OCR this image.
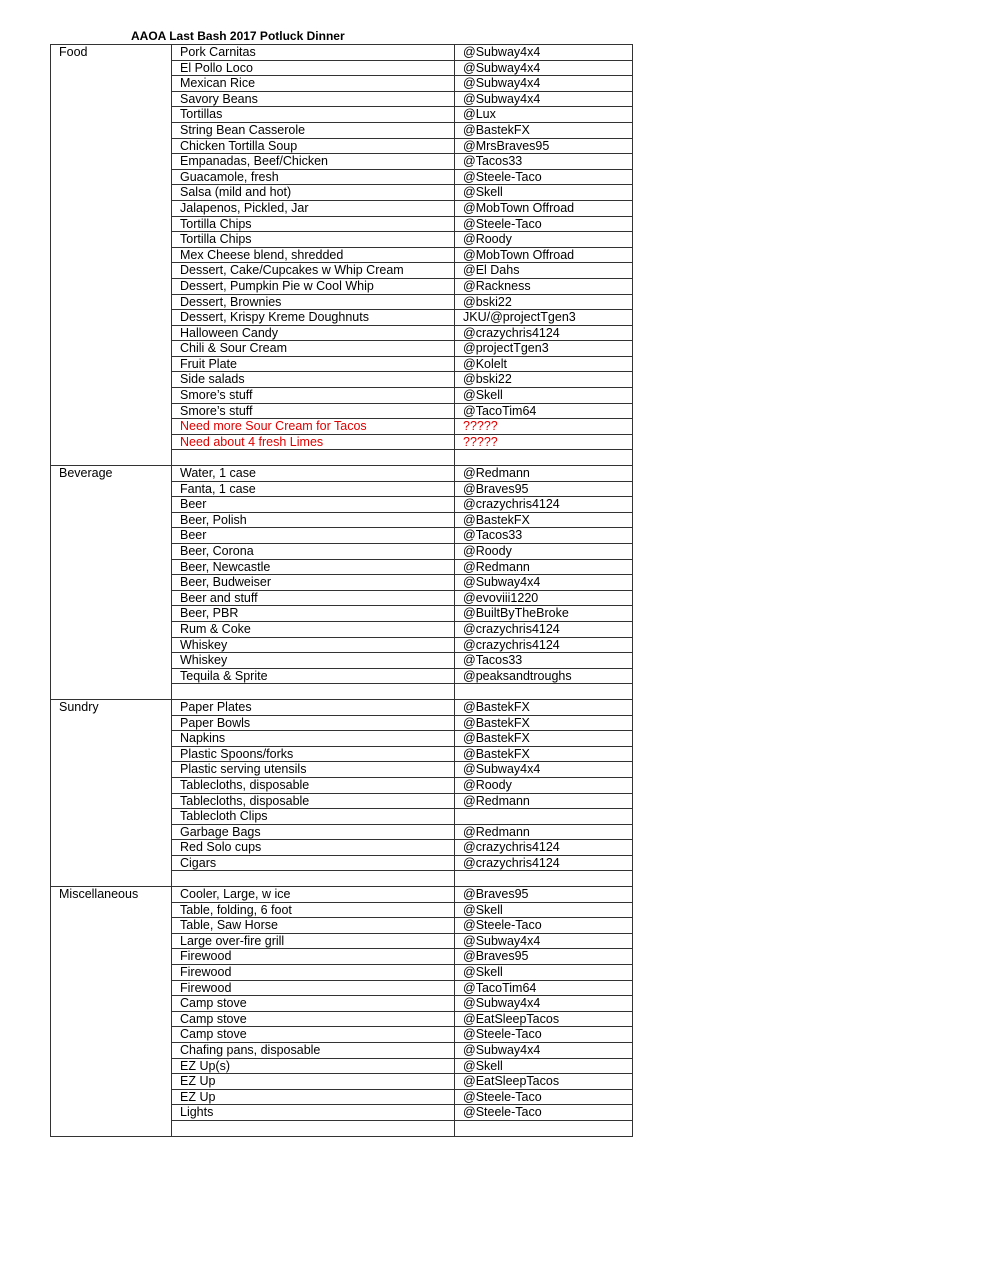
AAOA Last Bash 2017 Potluck Dinner
Food	Pork Carnitas	@Subway4x4
	El Pollo Loco	@Subway4x4
	Mexican Rice	@Subway4x4
	Savory Beans	@Subway4x4
	Tortillas	@Lux
	String Bean Casserole	@BastekFX
	Chicken Tortilla Soup	@MrsBraves95
	Empanadas, Beef/Chicken	@Tacos33
	Guacamole, fresh	@Steele-Taco
	Salsa (mild and hot)	@Skell
	Jalapenos, Pickled, Jar	@MobTown Offroad
	Tortilla Chips	@Steele-Taco
	Tortilla Chips	@Roody
	Mex Cheese blend, shredded	@MobTown Offroad
	Dessert, Cake/Cupcakes w Whip Cream	@El Dahs
	Dessert, Pumpkin Pie w Cool Whip	@Rackness
	Dessert, Brownies	@bski22
	Dessert, Krispy Kreme Doughnuts	JKU/@projectTgen3
	Halloween Candy	@crazychris4124
	Chili & Sour Cream	@projectTgen3
	Fruit Plate	@Kolelt
	Side salads	@bski22
	Smore’s stuff	@Skell
	Smore’s stuff	@TacoTim64
	Need more Sour Cream for Tacos	?????
	Need about 4 fresh Limes	?????

Beverage	Water, 1 case	@Redmann
	Fanta, 1 case	@Braves95
	Beer	@crazychris4124
	Beer, Polish	@BastekFX
	Beer	@Tacos33
	Beer, Corona	@Roody
	Beer, Newcastle	@Redmann
	Beer, Budweiser	@Subway4x4
	Beer and stuff	@evoviii1220
	Beer, PBR	@BuiltByTheBroke
	Rum & Coke	@crazychris4124
	Whiskey	@crazychris4124
	Whiskey	@Tacos33
	Tequila & Sprite	@peaksandtroughs

Sundry	Paper Plates	@BastekFX
	Paper Bowls	@BastekFX
	Napkins	@BastekFX
	Plastic Spoons/forks	@BastekFX
	Plastic serving utensils	@Subway4x4
	Tablecloths, disposable	@Roody
	Tablecloths, disposable	@Redmann
	Tablecloth Clips	
	Garbage Bags	@Redmann
	Red Solo cups	@crazychris4124
	Cigars	@crazychris4124

Miscellaneous	Cooler, Large, w ice	@Braves95
	Table, folding, 6 foot	@Skell
	Table, Saw Horse	@Steele-Taco
	Large over-fire grill	@Subway4x4
	Firewood	@Braves95
	Firewood	@Skell
	Firewood	@TacoTim64
	Camp stove	@Subway4x4
	Camp stove	@EatSleepTacos
	Camp stove	@Steele-Taco
	Chafing pans, disposable	@Subway4x4
	EZ Up(s)	@Skell
	EZ Up	@EatSleepTacos
	EZ Up	@Steele-Taco
	Lights	@Steele-Taco
